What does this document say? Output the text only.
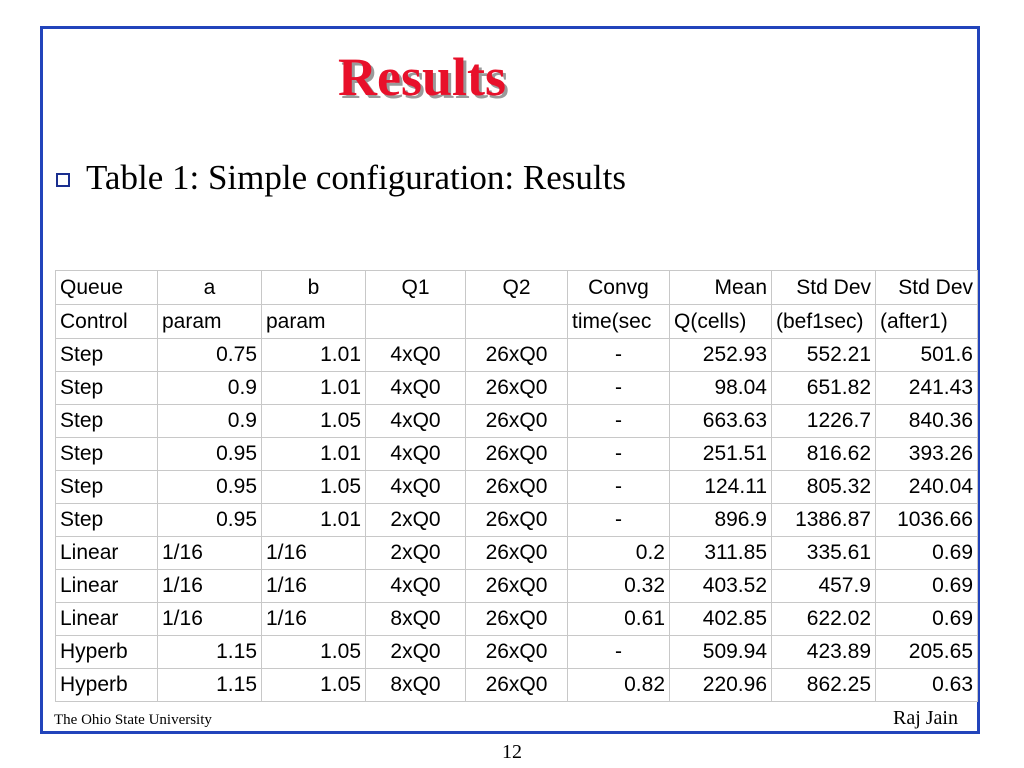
Results
Table 1: Simple configuration: Results
Queue	a	b	Q1	Q2	Convg	Mean	Std Dev	Std Dev
Control	param	param			time(sec	Q(cells)	(bef1sec)	(after1)
Step	0.75	1.01	4xQ0	26xQ0	-	252.93	552.21	501.6
Step	0.9	1.01	4xQ0	26xQ0	-	98.04	651.82	241.43
Step	0.9	1.05	4xQ0	26xQ0	-	663.63	1226.7	840.36
Step	0.95	1.01	4xQ0	26xQ0	-	251.51	816.62	393.26
Step	0.95	1.05	4xQ0	26xQ0	-	124.11	805.32	240.04
Step	0.95	1.01	2xQ0	26xQ0	-	896.9	1386.87	1036.66
Linear	1/16	1/16	2xQ0	26xQ0	0.2	311.85	335.61	0.69
Linear	1/16	1/16	4xQ0	26xQ0	0.32	403.52	457.9	0.69
Linear	1/16	1/16	8xQ0	26xQ0	0.61	402.85	622.02	0.69
Hyperb	1.15	1.05	2xQ0	26xQ0	-	509.94	423.89	205.65
Hyperb	1.15	1.05	8xQ0	26xQ0	0.82	220.96	862.25	0.63
The Ohio State University	Raj Jain
12
